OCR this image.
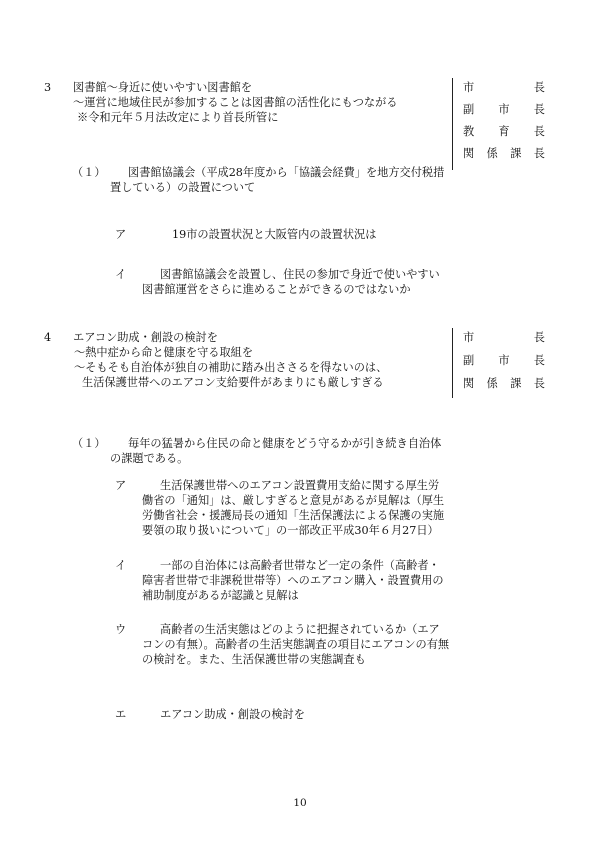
3 図書館～身近に使いやすい図書館を
～運営に地域住民が参加することは図書館の活性化にもつながる
※令和元年５月法改定により首長所管に
市	長
副 市 長
教 育 長
関 係 課 長
（１）	図書館協議会（平成28年度から「協議会経費」を地方交付税措置している）の設置について
ア	19市の設置状況と大阪管内の設置状況は
イ	図書館協議会を設置し、住民の参加で身近で使いやすい図書館運営をさらに進めることができるのではないか
4 エアコン助成・創設の検討を
～熱中症から命と健康を守る取組を
～そもそも自治体が独自の補助に踏み出ささるを得ないのは、
生活保護世帯へのエアコン支給要件があまりにも厳しすぎる
市	長
副 市 長
関 係 課 長
（１）	毎年の猛暑から住民の命と健康をどう守るかが引き続き自治体の課題である。
ア	生活保護世帯へのエアコン設置費用支給に関する厚生労働省の「通知」は、厳しすぎると意見があるが見解は（厚生労働省社会・援護局長の通知「生活保護法による保護の実施要領の取り扱いについて」の一部改正平成30年６月27日）
イ	一部の自治体には高齢者世帯など一定の条件（高齢者・障害者世帯で非課税世帯等）へのエアコン購入・設置費用の補助制度があるが認識と見解は
ウ	高齢者の生活実態はどのように把握されているか（エアコンの有無）。高齢者の生活実態調査の項目にエアコンの有無の検討を。また、生活保護世帯の実態調査も
エ	エアコン助成・創設の検討を
10
